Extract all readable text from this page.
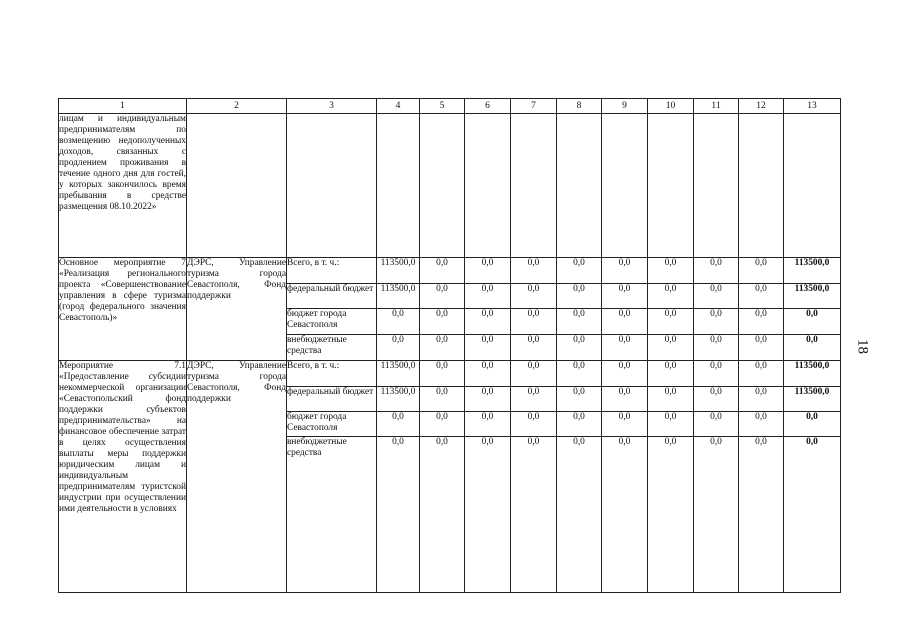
1	2	3	4	5	6	7	8	9	10	11	12	13
лицам и индивидуальным предпринимателям по возмещению недополученных доходов, связанных с продлением проживания в течение одного дня для гостей, у которых закончилось время пребывания в средстве размещения 08.10.2022»												
Основное мероприятие 7 «Реализация регионального проекта «Совершенствование управления в сфере туризма (город федерального значения Севастополь)»	ДЭРС, Управление туризма города Севастополя, Фонд поддержки	Всего, в т. ч.:	113500,0	0,0	0,0	0,0	0,0	0,0	0,0	0,0	0,0	113500,0
		федеральный бюджет	113500,0	0,0	0,0	0,0	0,0	0,0	0,0	0,0	0,0	113500,0
		бюджет города Севастополя	0,0	0,0	0,0	0,0	0,0	0,0	0,0	0,0	0,0	0,0
		внебюджетные средства	0,0	0,0	0,0	0,0	0,0	0,0	0,0	0,0	0,0	0,0
Мероприятие 7.1 «Предоставление субсидии некоммерческой организации «Севастопольский фонд поддержки субъектов предпринимательства» на финансовое обеспечение затрат в целях осуществления выплаты меры поддержки юридическим лицам и индивидуальным предпринимателям туристской индустрии при осуществлении ими деятельности в условиях	ДЭРС, Управление туризма города Севастополя, Фонд поддержки	Всего, в т. ч.:	113500,0	0,0	0,0	0,0	0,0	0,0	0,0	0,0	0,0	113500,0
		федеральный бюджет	113500,0	0,0	0,0	0,0	0,0	0,0	0,0	0,0	0,0	113500,0
		бюджет города Севастополя	0,0	0,0	0,0	0,0	0,0	0,0	0,0	0,0	0,0	0,0
		внебюджетные средства	0,0	0,0	0,0	0,0	0,0	0,0	0,0	0,0	0,0	0,0
18
